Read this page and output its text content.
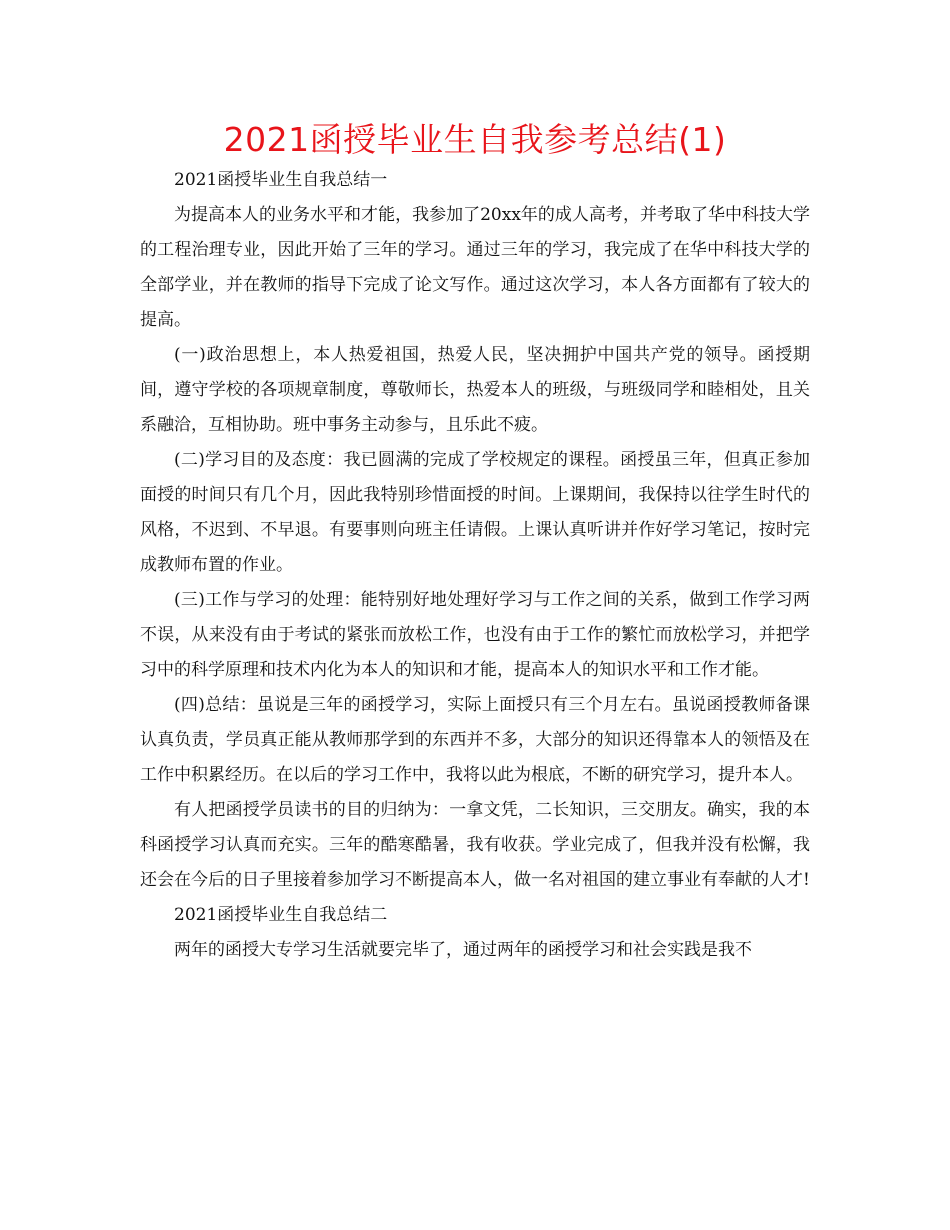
2021函授毕业生自我参考总结(1)

2021函授毕业生自我总结一

为提高本人的业务水平和才能，我参加了20xx年的成人高考，并考取了华中科技大学的工程治理专业，因此开始了三年的学习。通过三年的学习，我完成了在华中科技大学的全部学业，并在教师的指导下完成了论文写作。通过这次学习，本人各方面都有了较大的提高。

(一)政治思想上，本人热爱祖国，热爱人民，坚决拥护中国共产党的领导。函授期间，遵守学校的各项规章制度，尊敬师长，热爱本人的班级，与班级同学和睦相处，且关系融洽，互相协助。班中事务主动参与，且乐此不疲。

(二)学习目的及态度：我已圆满的完成了学校规定的课程。函授虽三年，但真正参加面授的时间只有几个月，因此我特别珍惜面授的时间。上课期间，我保持以往学生时代的风格，不迟到、不早退。有要事则向班主任请假。上课认真听讲并作好学习笔记，按时完成教师布置的作业。

(三)工作与学习的处理：能特别好地处理好学习与工作之间的关系，做到工作学习两不误，从来没有由于考试的紧张而放松工作，也没有由于工作的繁忙而放松学习，并把学习中的科学原理和技术内化为本人的知识和才能，提高本人的知识水平和工作才能。

(四)总结：虽说是三年的函授学习，实际上面授只有三个月左右。虽说函授教师备课认真负责，学员真正能从教师那学到的东西并不多，大部分的知识还得靠本人的领悟及在工作中积累经历。在以后的学习工作中，我将以此为根底，不断的研究学习，提升本人。

有人把函授学员读书的目的归纳为：一拿文凭，二长知识，三交朋友。确实，我的本科函授学习认真而充实。三年的酷寒酷暑，我有收获。学业完成了，但我并没有松懈，我还会在今后的日子里接着参加学习不断提高本人，做一名对祖国的建立事业有奉献的人才!

2021函授毕业生自我总结二

两年的函授大专学习生活就要完毕了，通过两年的函授学习和社会实践是我不
